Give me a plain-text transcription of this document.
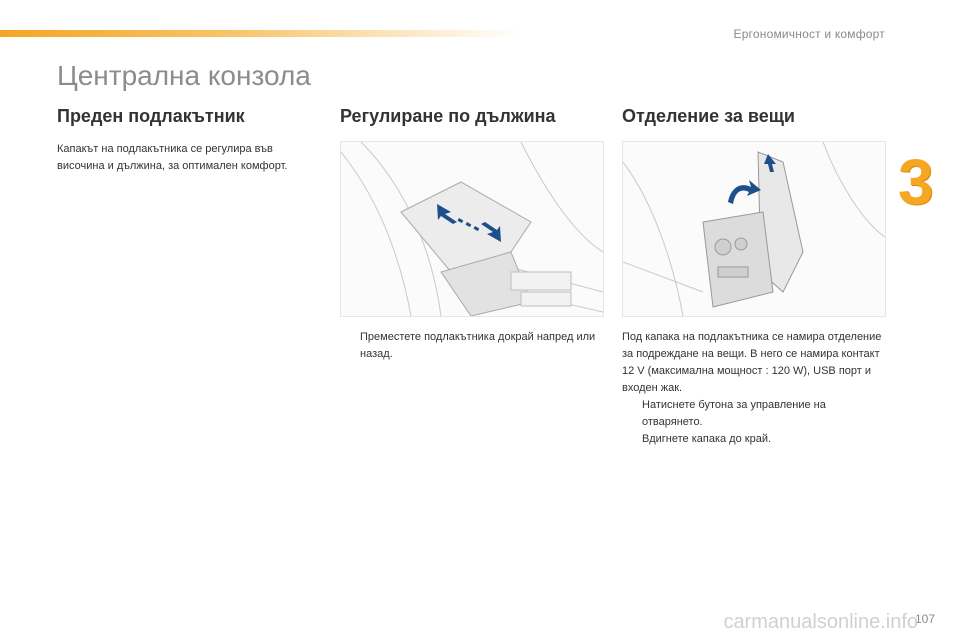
Ергономичност и комфорт
3
Централна конзола
Преден подлакътник

Капакът на подлакътника се регулира във височина и дължина, за оптимален комфорт.

Регулиране по дължина

Преместете подлакътника докрай напред или назад.

Отделение за вещи

Под капака на подлакътника се намира отделение за подреждане на вещи. В него се намира контакт 12 V (максимална мощност : 120 W), USB порт и входен жак.

Натиснете бутона за управление на отварянето.

Вдигнете капака до край.

107
carmanualsonline.info
